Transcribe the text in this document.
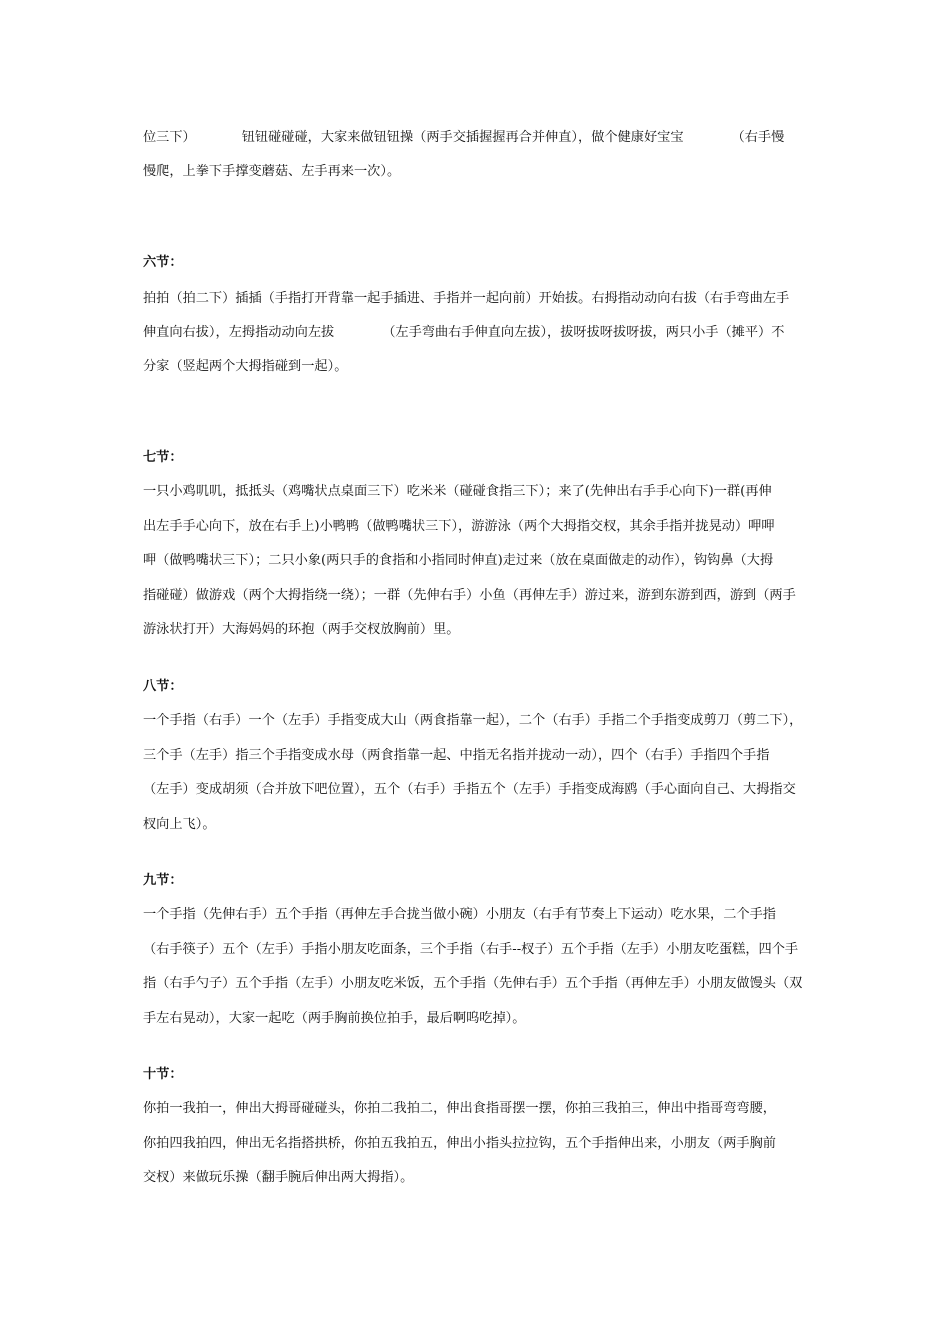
位三下）	钮钮碰碰碰，大家来做钮钮操（两手交插握握再合并伸直），做个健康好宝宝	（右手慢
慢爬，上拳下手撑变蘑菇、左手再来一次）。
六节：
拍拍（拍二下）插插（手指打开背靠一起手插进、手指并一起向前）开始拔。右拇指动动向右拔（右手弯曲左手
伸直向右拔），左拇指动动向左拔	（左手弯曲右手伸直向左拔），拔呀拔呀拔呀拔，两只小手（摊平）不
分家（竖起两个大拇指碰到一起）。
七节：
一只小鸡叽叽，抵抵头（鸡嘴状点桌面三下）吃米米（碰碰食指三下）；来了(先伸出右手手心向下)一群(再伸
出左手手心向下，放在右手上)小鸭鸭（做鸭嘴状三下），游游泳（两个大拇指交杈，其余手指并拢晃动）呷呷
呷（做鸭嘴状三下）；二只小象(两只手的食指和小指同时伸直)走过来（放在桌面做走的动作），钩钩鼻（大拇
指碰碰）做游戏（两个大拇指绕一绕）；一群（先伸右手）小鱼（再伸左手）游过来，游到东游到西，游到（两手
游泳状打开）大海妈妈的环抱（两手交杈放胸前）里。
八节：
一个手指（右手）一个（左手）手指变成大山（两食指靠一起），二个（右手）手指二个手指变成剪刀（剪二下），
三个手（左手）指三个手指变成水母（两食指靠一起、中指无名指并拢动一动），四个（右手）手指四个手指
（左手）变成胡须（合并放下吧位置），五个（右手）手指五个（左手）手指变成海鸥（手心面向自己、大拇指交
杈向上飞）。
九节：
一个手指（先伸右手）五个手指（再伸左手合拢当做小碗）小朋友（右手有节奏上下运动）吃水果，二个手指
（右手筷子）五个（左手）手指小朋友吃面条，三个手指（右手--杈子）五个手指（左手）小朋友吃蛋糕，四个手
指（右手勺子）五个手指（左手）小朋友吃米饭，五个手指（先伸右手）五个手指（再伸左手）小朋友做馒头（双
手左右晃动），大家一起吃（两手胸前换位拍手，最后啊呜吃掉）。
十节：
你拍一我拍一，伸出大拇哥碰碰头，你拍二我拍二，伸出食指哥摆一摆，你拍三我拍三，伸出中指哥弯弯腰，
你拍四我拍四，伸出无名指搭拱桥，你拍五我拍五，伸出小指头拉拉钩，五个手指伸出来，小朋友（两手胸前
交杈）来做玩乐操（翻手腕后伸出两大拇指）。
